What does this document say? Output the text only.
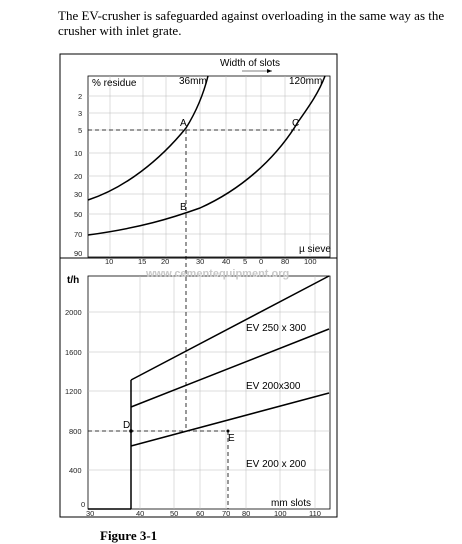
The EV-crusher is safeguarded against overloading in the same way as the crusher with inlet grate.
Width of slots
% residue
µ sieve
2
3
5
10
20
30
50
70
90
10	15 20	30 40 5 0 80 100
36mm	120mm
A
B
C
www.cementequipment.org
t/h
mm slots
0
400
800
1200
1600
2000
30	40	50 60 70 80	100	110
EV 250 x 300
EV 200x300
EV 200 x 200
D
E
Figure 3-1
